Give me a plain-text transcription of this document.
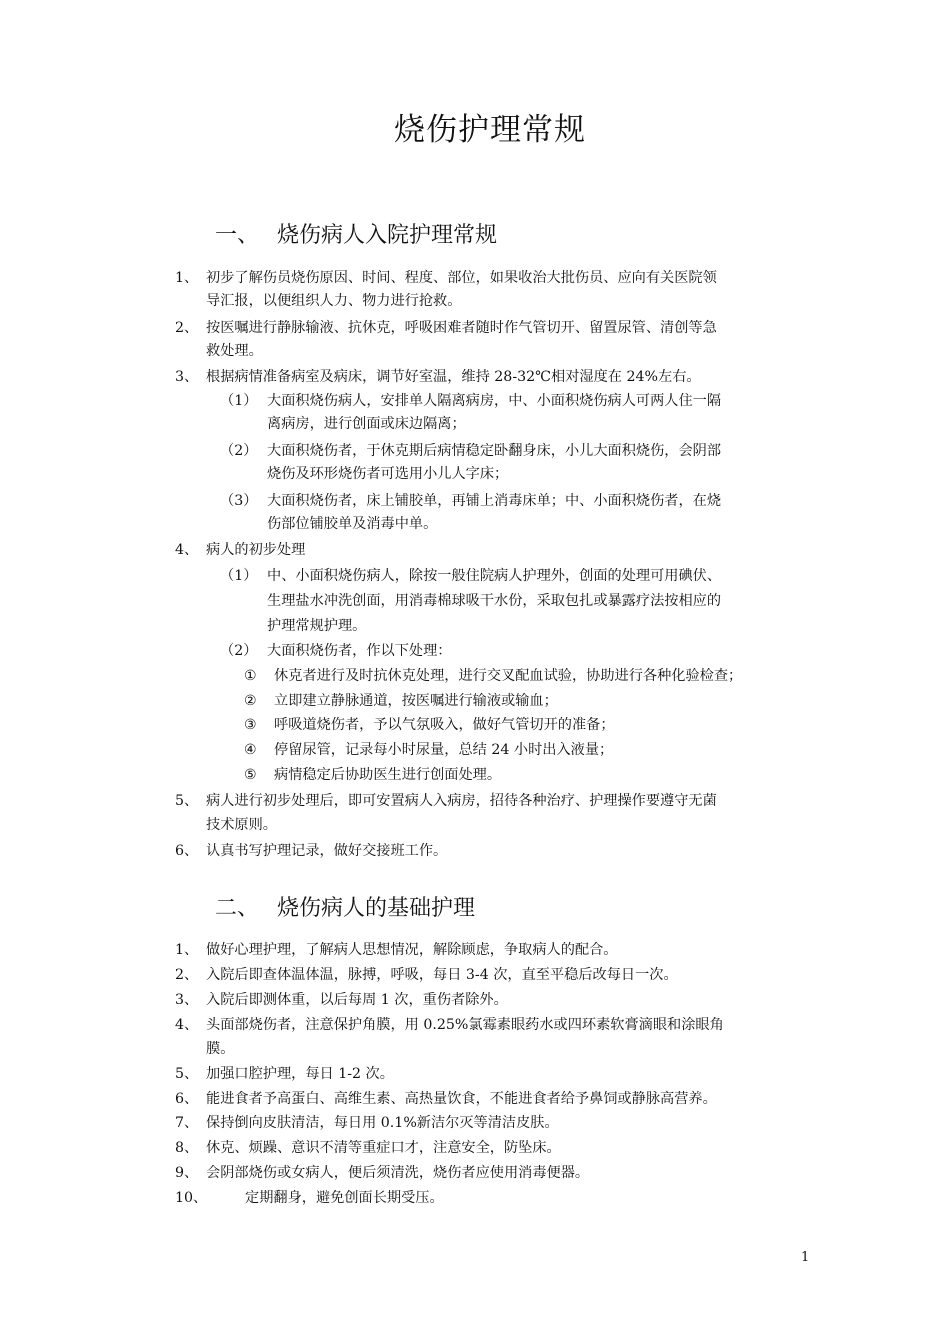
烧伤护理常规
一、 烧伤病人入院护理常规
1、 初步了解伤员烧伤原因、时间、程度、部位，如果收治大批伤员、应向有关医院领
导汇报，以便组织人力、物力进行抢救。
2、 按医嘱进行静脉输液、抗休克，呼吸困难者随时作气管切开、留置尿管、清创等急
救处理。
3、 根据病情准备病室及病床，调节好室温，维持 28-32℃相对湿度在 24%左右。
（1） 大面积烧伤病人，安排单人隔离病房，中、小面积烧伤病人可两人住一隔
离病房，进行创面或床边隔离；
（2） 大面积烧伤者，于休克期后病情稳定卧翻身床，小儿大面积烧伤，会阴部
烧伤及环形烧伤者可选用小儿人字床；
（3） 大面积烧伤者，床上铺胶单，再铺上消毒床单；中、小面积烧伤者，在烧
伤部位铺胶单及消毒中单。
4、 病人的初步处理
（1） 中、小面积烧伤病人，除按一般住院病人护理外，创面的处理可用碘伏、
生理盐水冲洗创面，用消毒棉球吸干水份，采取包扎或暴露疗法按相应的
护理常规护理。
（2） 大面积烧伤者，作以下处理：
① 休克者进行及时抗休克处理，进行交叉配血试验，协助进行各种化验检查；
② 立即建立静脉通道，按医嘱进行输液或输血；
③ 呼吸道烧伤者，予以气氛吸入，做好气管切开的准备；
④ 停留尿管，记录每小时尿量，总结 24 小时出入液量；
⑤ 病情稳定后协助医生进行创面处理。
5、 病人进行初步处理后，即可安置病人入病房，招待各种治疗、护理操作要遵守无菌
技术原则。
6、 认真书写护理记录，做好交接班工作。
二、 烧伤病人的基础护理
1、 做好心理护理，了解病人思想情况，解除顾虑，争取病人的配合。
2、 入院后即查体温体温，脉搏，呼吸，每日 3-4 次，直至平稳后改每日一次。
3、 入院后即测体重，以后每周 1 次，重伤者除外。
4、 头面部烧伤者，注意保护角膜，用 0.25%氯霉素眼药水或四环素软膏滴眼和涂眼角
膜。
5、 加强口腔护理，每日 1-2 次。
6、 能进食者予高蛋白、高维生素、高热量饮食，不能进食者给予鼻饲或静脉高营养。
7、 保持倒向皮肤清洁，每日用 0.1%新洁尔灭等清洁皮肤。
8、 休克、烦躁、意识不清等重症口才，注意安全，防坠床。
9、 会阴部烧伤或女病人，便后须清洗，烧伤者应使用消毒便器。
10、	定期翻身，避免创面长期受压。
1
